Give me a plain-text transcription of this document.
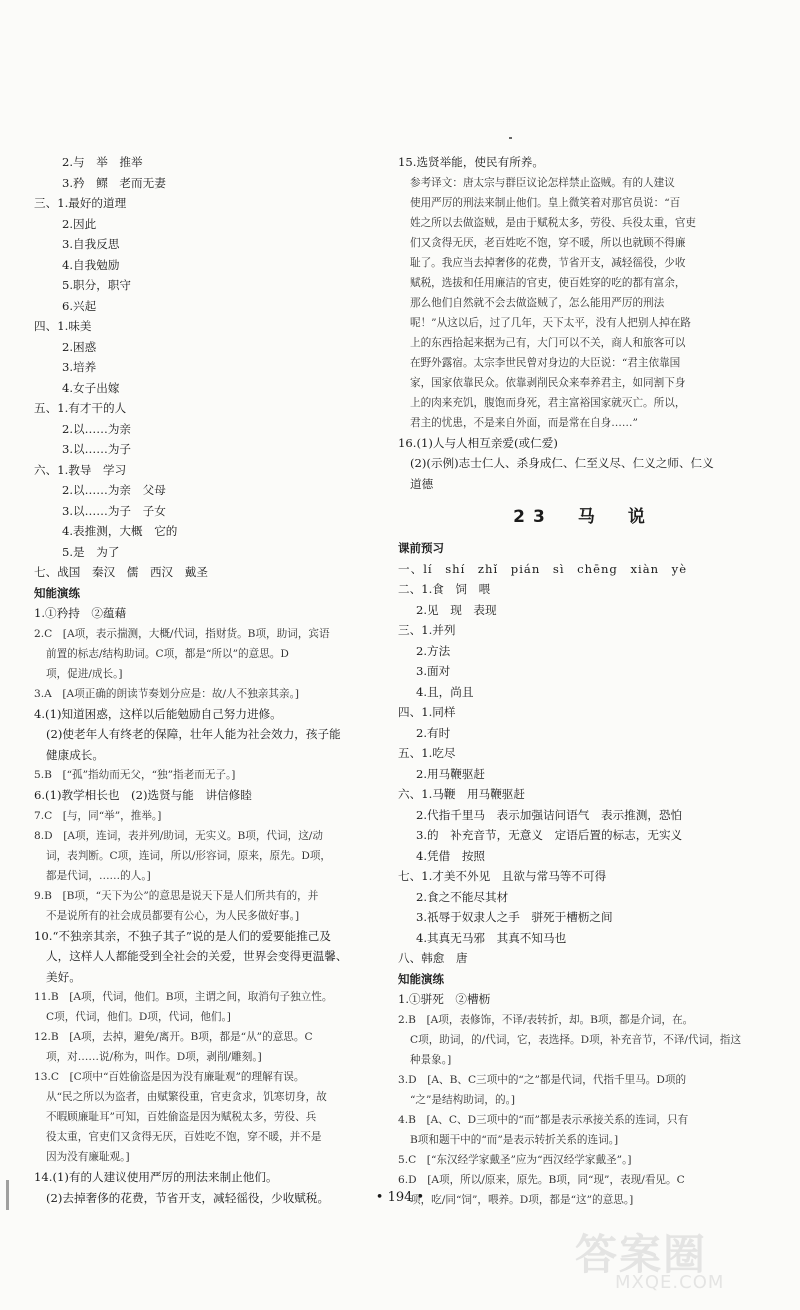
2.与　举　推举
3.矜　鳏　老而无妻
三、1.最好的道理
2.因此
3.自我反思
4.自我勉励
5.职分，职守
6.兴起
四、1.味美
2.困惑
3.培养
4.女子出嫁
五、1.有才干的人
2.以……为亲
3.以……为子
六、1.教导　学习
2.以……为亲　父母
3.以……为子　子女
4.表推测，大概　它的
5.是　为了
七、战国　秦汉　儒　西汉　戴圣
知能演练
1.①矜持　②蕴藉
2.C　[A项，表示揣测，大概/代词，指财货。B项，助词，宾语
前置的标志/结构助词。C项，都是“所以”的意思。D
项，促进/成长。]
3.A　[A项正确的朗读节奏划分应是：故/人不独亲其亲。]
4.(1)知道困惑，这样以后能勉励自己努力进修。
(2)使老年人有终老的保障，壮年人能为社会效力，孩子能
健康成长。
5.B　[“孤”指幼而无父，“独”指老而无子。]
6.(1)教学相长也　(2)选贤与能　讲信修睦
7.C　[与，同“举”，推举。]
8.D　[A项，连词，表并列/助词，无实义。B项，代词，这/动
词，表判断。C项，连词，所以/形容词，原来，原先。D项，
都是代词，……的人。]
9.B　[B项，“天下为公”的意思是说天下是人们所共有的，并
不是说所有的社会成员都要有公心，为人民多做好事。]
10.“不独亲其亲，不独子其子”说的是人们的爱要能推己及
人，这样人人都能受到全社会的关爱，世界会变得更温馨、
美好。
11.B　[A项，代词，他们。B项，主谓之间，取消句子独立性。
C项，代词，他们。D项，代词，他们。]
12.B　[A项，去掉，避免/离开。B项，都是“从”的意思。C
项，对……说/称为，叫作。D项，剥削/雕刻。]
13.C　[C项中“百姓偷盗是因为没有廉耻观”的理解有误。
从“民之所以为盗者，由赋繁役重，官吏贪求，饥寒切身，故
不暇顾廉耻耳”可知，百姓偷盗是因为赋税太多，劳役、兵
役太重，官吏们又贪得无厌，百姓吃不饱，穿不暖，并不是
因为没有廉耻观。]
14.(1)有的人建议使用严厉的刑法来制止他们。
(2)去掉奢侈的花费，节省开支，减轻徭役，少收赋税。
15.选贤举能，使民有所养。
参考译文：唐太宗与群臣议论怎样禁止盗贼。有的人建议
使用严厉的刑法来制止他们。皇上微笑着对那官员说：“百
姓之所以去做盗贼，是由于赋税太多，劳役、兵役太重，官吏
们又贪得无厌，老百姓吃不饱，穿不暖，所以也就顾不得廉
耻了。我应当去掉奢侈的花费，节省开支，减轻徭役，少收
赋税，选拔和任用廉洁的官吏，使百姓穿的吃的都有富余，
那么他们自然就不会去做盗贼了，怎么能用严厉的刑法
呢！”从这以后，过了几年，天下太平，没有人把别人掉在路
上的东西拾起来据为己有，大门可以不关，商人和旅客可以
在野外露宿。太宗李世民曾对身边的大臣说：“君主依靠国
家，国家依靠民众。依靠剥削民众来奉养君主，如同割下身
上的肉来充饥，腹饱而身死，君主富裕国家就灭亡。所以，
君主的忧患，不是来自外面，而是常在自身……”
16.(1)人与人相互亲爱(或仁爱)
(2)(示例)志士仁人、杀身成仁、仁至义尽、仁义之师、仁义
道德
23　马　说
课前预习
一、lí　shí　zhǐ　pián　sì　chēng　xiàn　yè
二、1.食　饲　喂
2.见　现　表现
三、1.并列
2.方法
3.面对
4.且，尚且
四、1.同样
2.有时
五、1.吃尽
2.用马鞭驱赶
六、1.马鞭　用马鞭驱赶
2.代指千里马　表示加强诘问语气　表示推测，恐怕
3.的　补充音节，无意义　定语后置的标志，无实义
4.凭借　按照
七、1.才美不外见　且欲与常马等不可得
2.食之不能尽其材
3.祇辱于奴隶人之手　骈死于槽枥之间
4.其真无马邪　其真不知马也
八、韩愈　唐
知能演练
1.①骈死　②槽枥
2.B　[A项，表修饰，不译/表转折，却。B项，都是介词，在。
C项，助词，的/代词，它，表选择。D项，补充音节，不译/代词，指这
种景象。]
3.D　[A、B、C三项中的“之”都是代词，代指千里马。D项的
“之”是结构助词，的。]
4.B　[A、C、D三项中的“而”都是表示承接关系的连词，只有
B项和题干中的“而”是表示转折关系的连词。]
5.C　[“东汉经学家戴圣”应为“西汉经学家戴圣”。]
6.D　[A项，所以/原来，原先。B项，同“现”，表现/看见。C
项，吃/同“饲”，喂养。D项，都是“这”的意思。]
• 194 •
答案圈
MXQE.COM
